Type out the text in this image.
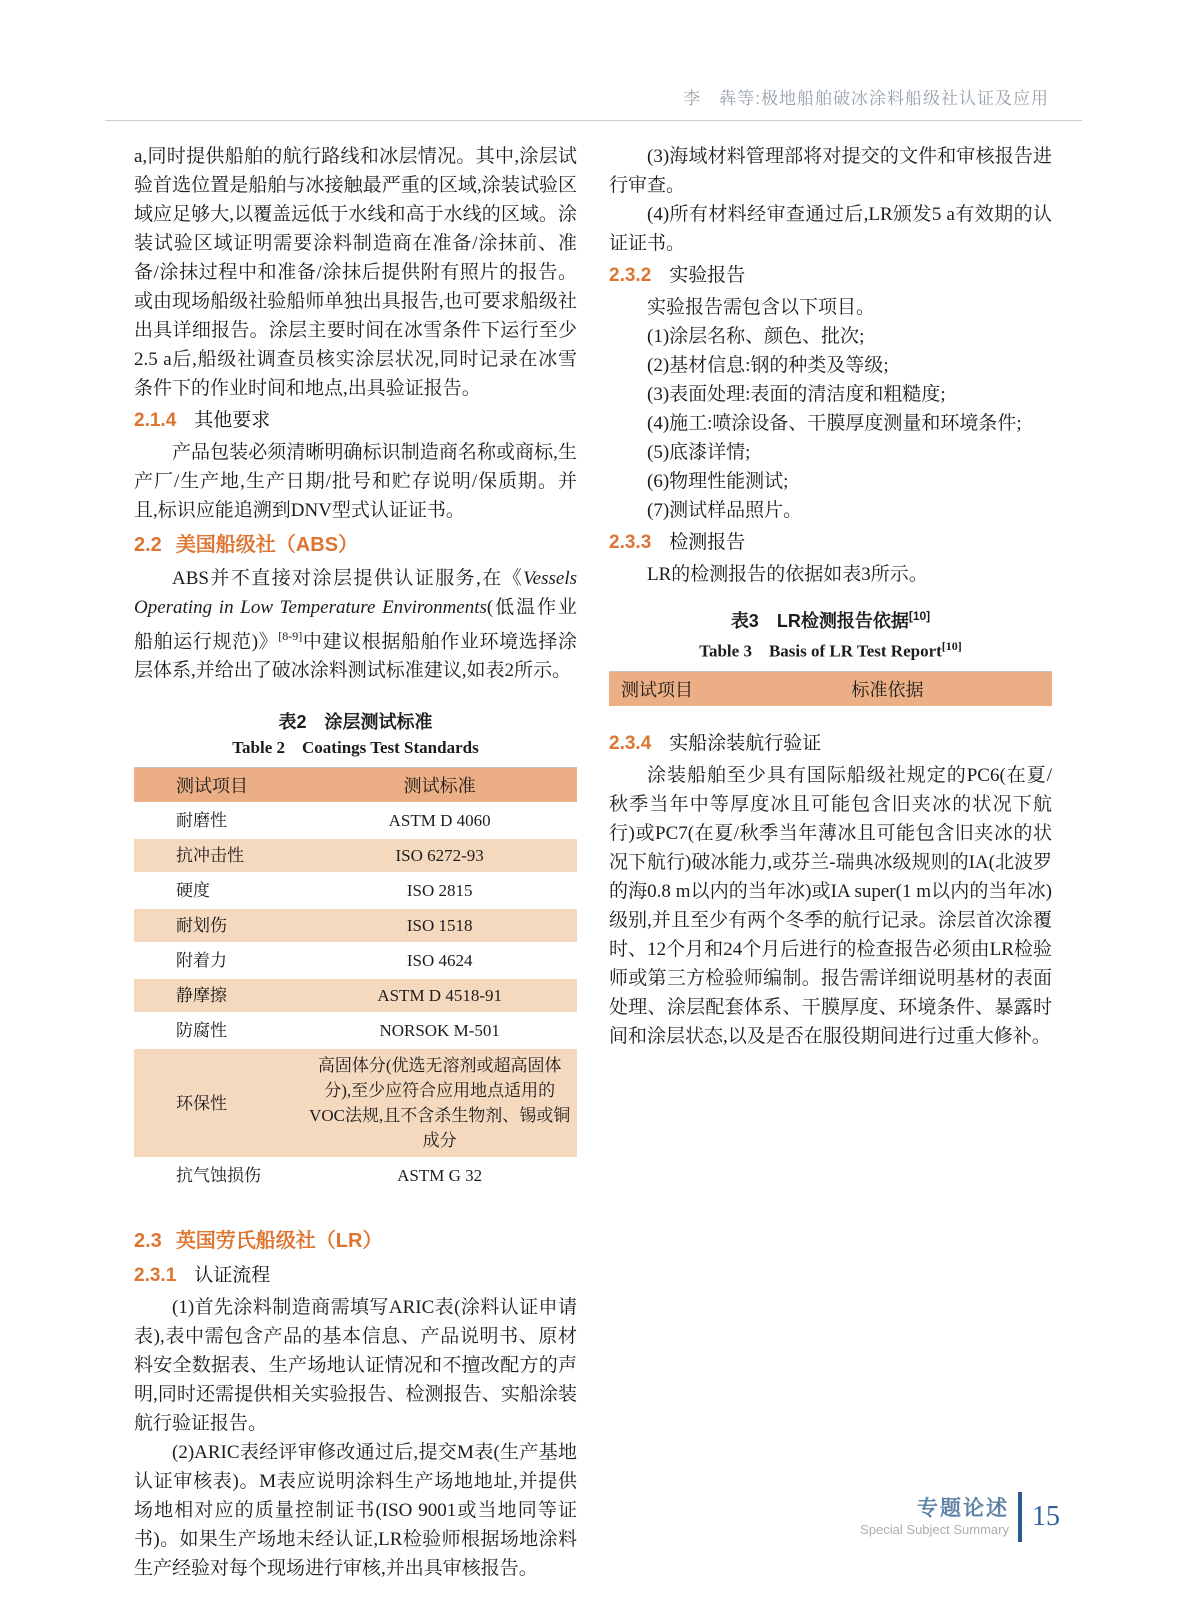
李　犇等:极地船舶破冰涂料船级社认证及应用

a,同时提供船舶的航行路线和冰层情况。其中,涂层试验首选位置是船舶与冰接触最严重的区域,涂装试验区域应足够大,以覆盖远低于水线和高于水线的区域。涂装试验区域证明需要涂料制造商在准备/涂抹前、准备/涂抹过程中和准备/涂抹后提供附有照片的报告。或由现场船级社验船师单独出具报告,也可要求船级社出具详细报告。涂层主要时间在冰雪条件下运行至少2.5 a后,船级社调查员核实涂层状况,同时记录在冰雪条件下的作业时间和地点,出具验证报告。

2.1.4 其他要求

产品包装必须清晰明确标识制造商名称或商标,生产厂/生产地,生产日期/批号和贮存说明/保质期。并且,标识应能追溯到DNV型式认证证书。

2.2 美国船级社（ABS）

ABS并不直接对涂层提供认证服务,在《Vessels Operating in Low Temperature Environments(低温作业船舶运行规范)》[8-9]中建议根据船舶作业环境选择涂层体系,并给出了破冰涂料测试标准建议,如表2所示。

表2　涂层测试标准
Table 2　Coatings Test Standards
测试项目	测试标准
耐磨性	ASTM D 4060
抗冲击性	ISO 6272-93
硬度	ISO 2815
耐划伤	ISO 1518
附着力	ISO 4624
静摩擦	ASTM D 4518-91
防腐性	NORSOK M-501
环保性	高固体分(优选无溶剂或超高固体分),至少应符合应用地点适用的VOC法规,且不含杀生物剂、锡或铜成分
抗气蚀损伤	ASTM G 32
2.3 英国劳氏船级社（LR）
2.3.1 认证流程

(1)首先涂料制造商需填写ARIC表(涂料认证申请表),表中需包含产品的基本信息、产品说明书、原材料安全数据表、生产场地认证情况和不擅改配方的声明,同时还需提供相关实验报告、检测报告、实船涂装航行验证报告。

(2)ARIC表经评审修改通过后,提交M表(生产基地认证审核表)。M表应说明涂料生产场地地址,并提供场地相对应的质量控制证书(ISO 9001或当地同等证书)。如果生产场地未经认证,LR检验师根据场地涂料生产经验对每个现场进行审核,并出具审核报告。

(3)海域材料管理部将对提交的文件和审核报告进行审查。

(4)所有材料经审查通过后,LR颁发5 a有效期的认证证书。

2.3.2 实验报告

实验报告需包含以下项目。

(1)涂层名称、颜色、批次;

(2)基材信息:钢的种类及等级;

(3)表面处理:表面的清洁度和粗糙度;

(4)施工:喷涂设备、干膜厚度测量和环境条件;

(5)底漆详情;

(6)物理性能测试;

(7)测试样品照片。

2.3.3 检测报告

LR的检测报告的依据如表3所示。

表3　LR检测报告依据[10]
Table 3　Basis of LR Test Report[10]
测试项目	标准依据
2.3.4 实船涂装航行验证

涂装船舶至少具有国际船级社规定的PC6(在夏/秋季当年中等厚度冰且可能包含旧夹冰的状况下航行)或PC7(在夏/秋季当年薄冰且可能包含旧夹冰的状况下航行)破冰能力,或芬兰-瑞典冰级规则的IA(北波罗的海0.8 m以内的当年冰)或IA super(1 m以内的当年冰)级别,并且至少有两个冬季的航行记录。涂层首次涂覆时、12个月和24个月后进行的检查报告必须由LR检验师或第三方检验师编制。报告需详细说明基材的表面处理、涂层配套体系、干膜厚度、环境条件、暴露时间和涂层状态,以及是否在服役期间进行过重大修补。

专题论述
Special Subject Summary 15
